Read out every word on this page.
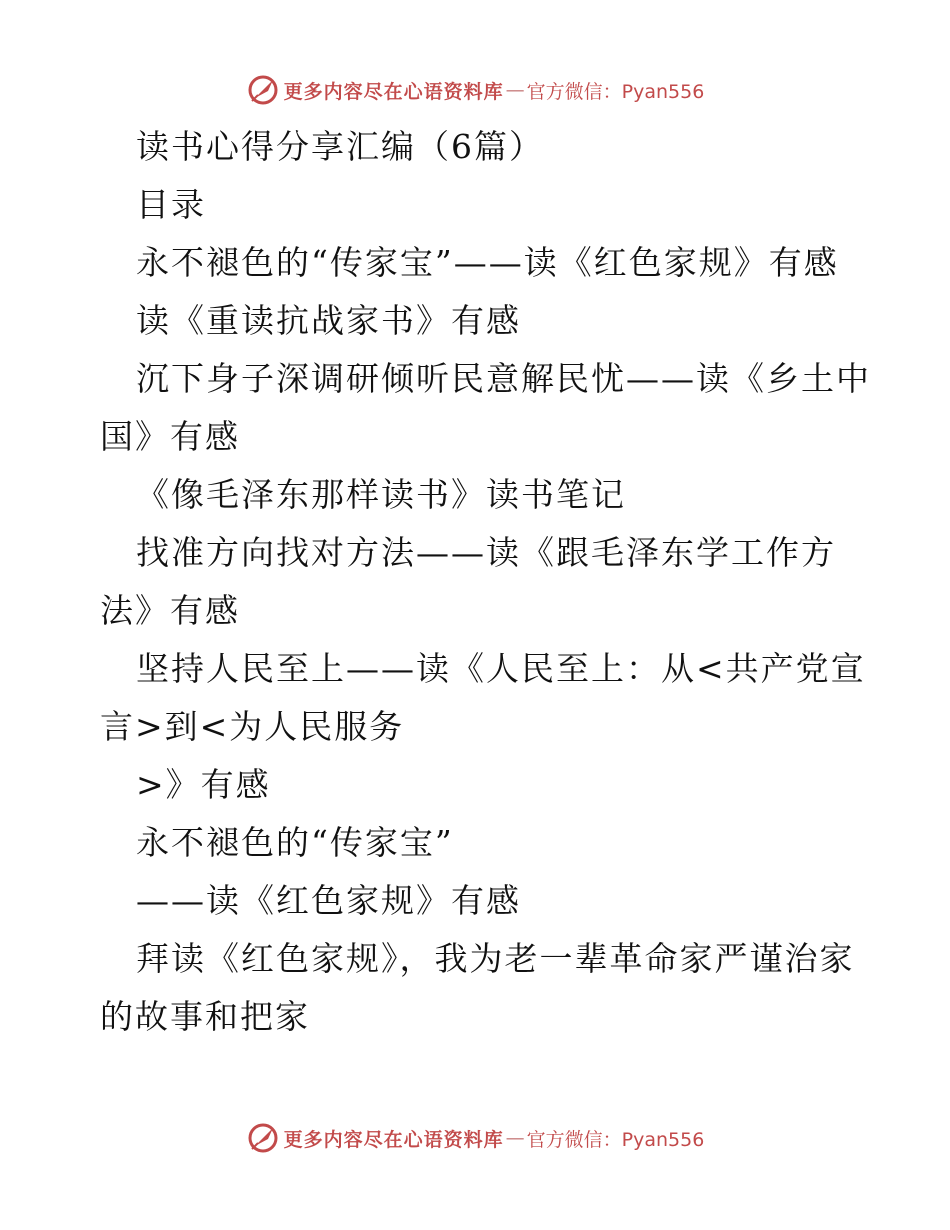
更多内容尽在心语资料库 — 官方微信：Pyan556
读书心得分享汇编（6篇）
目录
永不褪色的“传家宝”——读《红色家规》有感
读《重读抗战家书》有感
沉下身子深调研倾听民意解民忧——读《乡土中
国》有感
《像毛泽东那样读书》读书笔记
找准方向找对方法——读《跟毛泽东学工作方
法》有感
坚持人民至上——读《人民至上：从<共产党宣
言>到<为人民服务
>》有感
永不褪色的“传家宝”
——读《红色家规》有感
拜读《红色家规》，我为老一辈革命家严谨治家
的故事和把家
更多内容尽在心语资料库 — 官方微信：Pyan556
